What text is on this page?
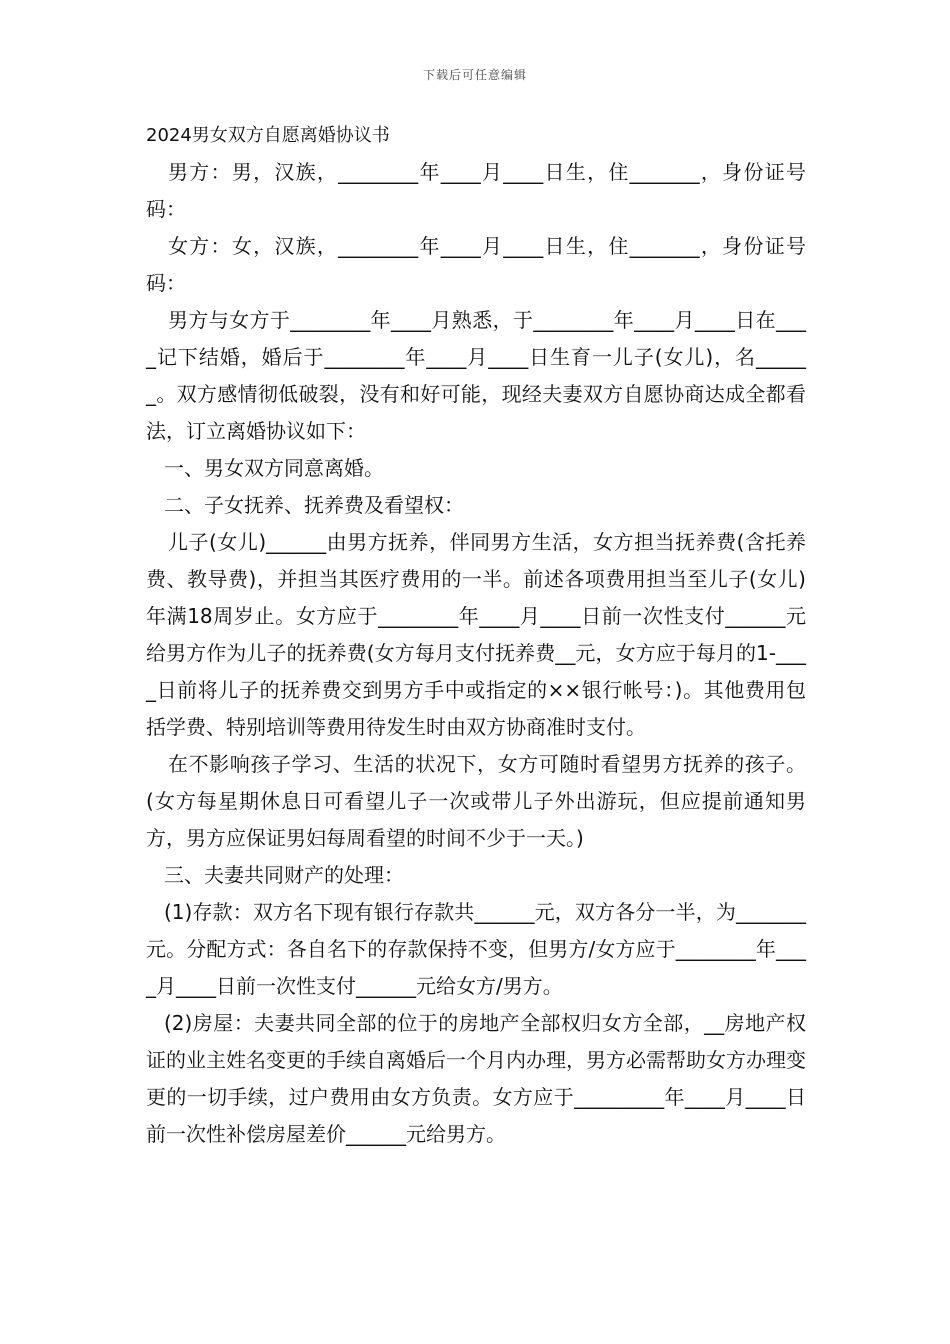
下载后可任意编辑
2024男女双方自愿离婚协议书

男方：男，汉族，________年____月____日生，住_______，身份证号码：

女方：女，汉族，________年____月____日生，住_______，身份证号码：

男方与女方于________年____月熟悉，于________年____月____日在____记下结婚，婚后于________年____月____日生育一儿子(女儿)，名______。双方感情彻低破裂，没有和好可能，现经夫妻双方自愿协商达成全都看法，订立离婚协议如下：

一、男女双方同意离婚。

二、子女抚养、抚养费及看望权：

儿子(女儿)______由男方抚养，伴同男方生活，女方担当抚养费(含托养费、教导费)，并担当其医疗费用的一半。前述各项费用担当至儿子(女儿)年满18周岁止。女方应于________年____月____日前一次性支付______元给男方作为儿子的抚养费(女方每月支付抚养费__元，女方应于每月的1-____日前将儿子的抚养费交到男方手中或指定的××银行帐号：)。其他费用包括学费、特别培训等费用待发生时由双方协商准时支付。

在不影响孩子学习、生活的状况下，女方可随时看望男方抚养的孩子。(女方每星期休息日可看望儿子一次或带儿子外出游玩，但应提前通知男方，男方应保证男妇每周看望的时间不少于一天。)

三、夫妻共同财产的处理：

(1)存款：双方名下现有银行存款共______元，双方各分一半，为_______元。分配方式：各自名下的存款保持不变，但男方/女方应于________年____月____日前一次性支付______元给女方/男方。

(2)房屋：夫妻共同全部的位于的房地产全部权归女方全部，__房地产权证的业主姓名变更的手续自离婚后一个月内办理，男方必需帮助女方办理变更的一切手续，过户费用由女方负责。女方应于_________年____月____日前一次性补偿房屋差价______元给男方。
